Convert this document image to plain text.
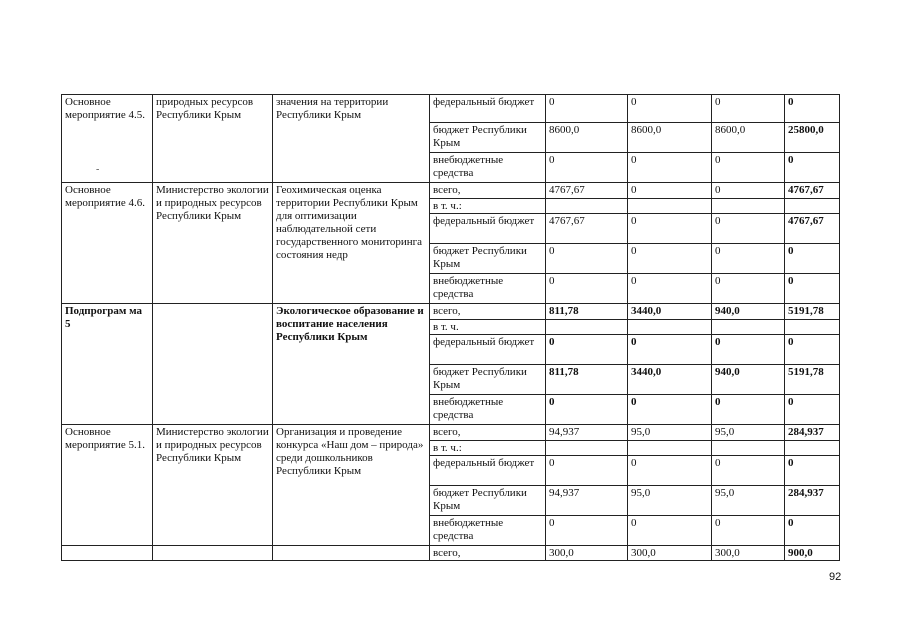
Основное мероприятие 4.5.	природных ресурсов Республики Крым	значения на территории Республики Крым	федеральный бюджет	0	0	0	0
			бюджет Республики Крым	8600,0	8600,0	8600,0	25800,0
			внебюджетные средства	0	0	0	0
Основное мероприятие 4.6.	Министерство экологии и природных ресурсов Республики Крым	Геохимическая оценка территории Республики Крым для оптимизации наблюдательной сети государственного мониторинга состояния недр	всего,	4767,67	0	0	4767,67
			в т. ч.:				
			федеральный бюджет	4767,67	0	0	4767,67
			бюджет Республики Крым	0	0	0	0
			внебюджетные средства	0	0	0	0
Подпрограм ма 5		Экологическое образование и воспитание населения Республики Крым	всего,	811,78	3440,0	940,0	5191,78
			в т. ч.				
			федеральный бюджет	0	0	0	0
			бюджет Республики Крым	811,78	3440,0	940,0	5191,78
			внебюджетные средства	0	0	0	0
Основное мероприятие 5.1.	Министерство экологии и природных ресурсов Республики Крым	Организация и проведение конкурса «Наш дом – природа» среди дошкольников Республики Крым	всего,	94,937	95,0	95,0	284,937
			в т. ч.:				
			федеральный бюджет	0	0	0	0
			бюджет Республики Крым	94,937	95,0	95,0	284,937
			внебюджетные средства	0	0	0	0
			всего,	300,0	300,0	300,0	900,0
-
92
